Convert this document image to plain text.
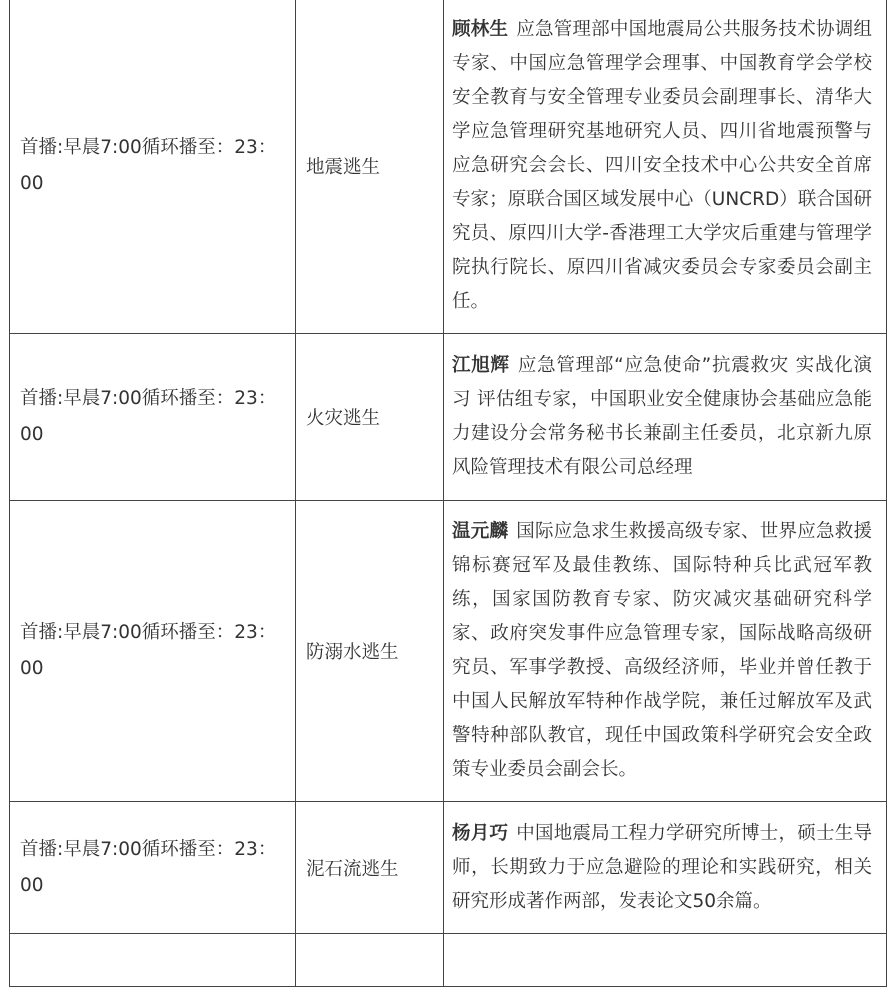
首播:早晨7:00循环播至：23：00	地震逃生	顾林生 应急管理部中国地震局公共服务技术协调组专家、中国应急管理学会理事、中国教育学会学校安全教育与安全管理专业委员会副理事长、清华大学应急管理研究基地研究人员、四川省地震预警与应急研究会会长、四川安全技术中心公共安全首席专家；原联合国区域发展中心（UNCRD）联合国研究员、原四川大学-香港理工大学灾后重建与管理学院执行院长、原四川省减灾委员会专家委员会副主任。
首播:早晨7:00循环播至：23：00	火灾逃生	江旭辉 应急管理部“应急使命”抗震救灾 实战化演习 评估组专家，中国职业安全健康协会基础应急能力建设分会常务秘书长兼副主任委员，北京新九原风险管理技术有限公司总经理
首播:早晨7:00循环播至：23：00	防溺水逃生	温元麟 国际应急求生救援高级专家、世界应急救援锦标赛冠军及最佳教练、国际特种兵比武冠军教练，国家国防教育专家、防灾减灾基础研究科学家、政府突发事件应急管理专家，国际战略高级研究员、军事学教授、高级经济师，毕业并曾任教于中国人民解放军特种作战学院，兼任过解放军及武警特种部队教官，现任中国政策科学研究会安全政策专业委员会副会长。
首播:早晨7:00循环播至：23：00	泥石流逃生	杨月巧 中国地震局工程力学研究所博士，硕士生导师，长期致力于应急避险的理论和实践研究，相关研究形成著作两部，发表论文50余篇。
